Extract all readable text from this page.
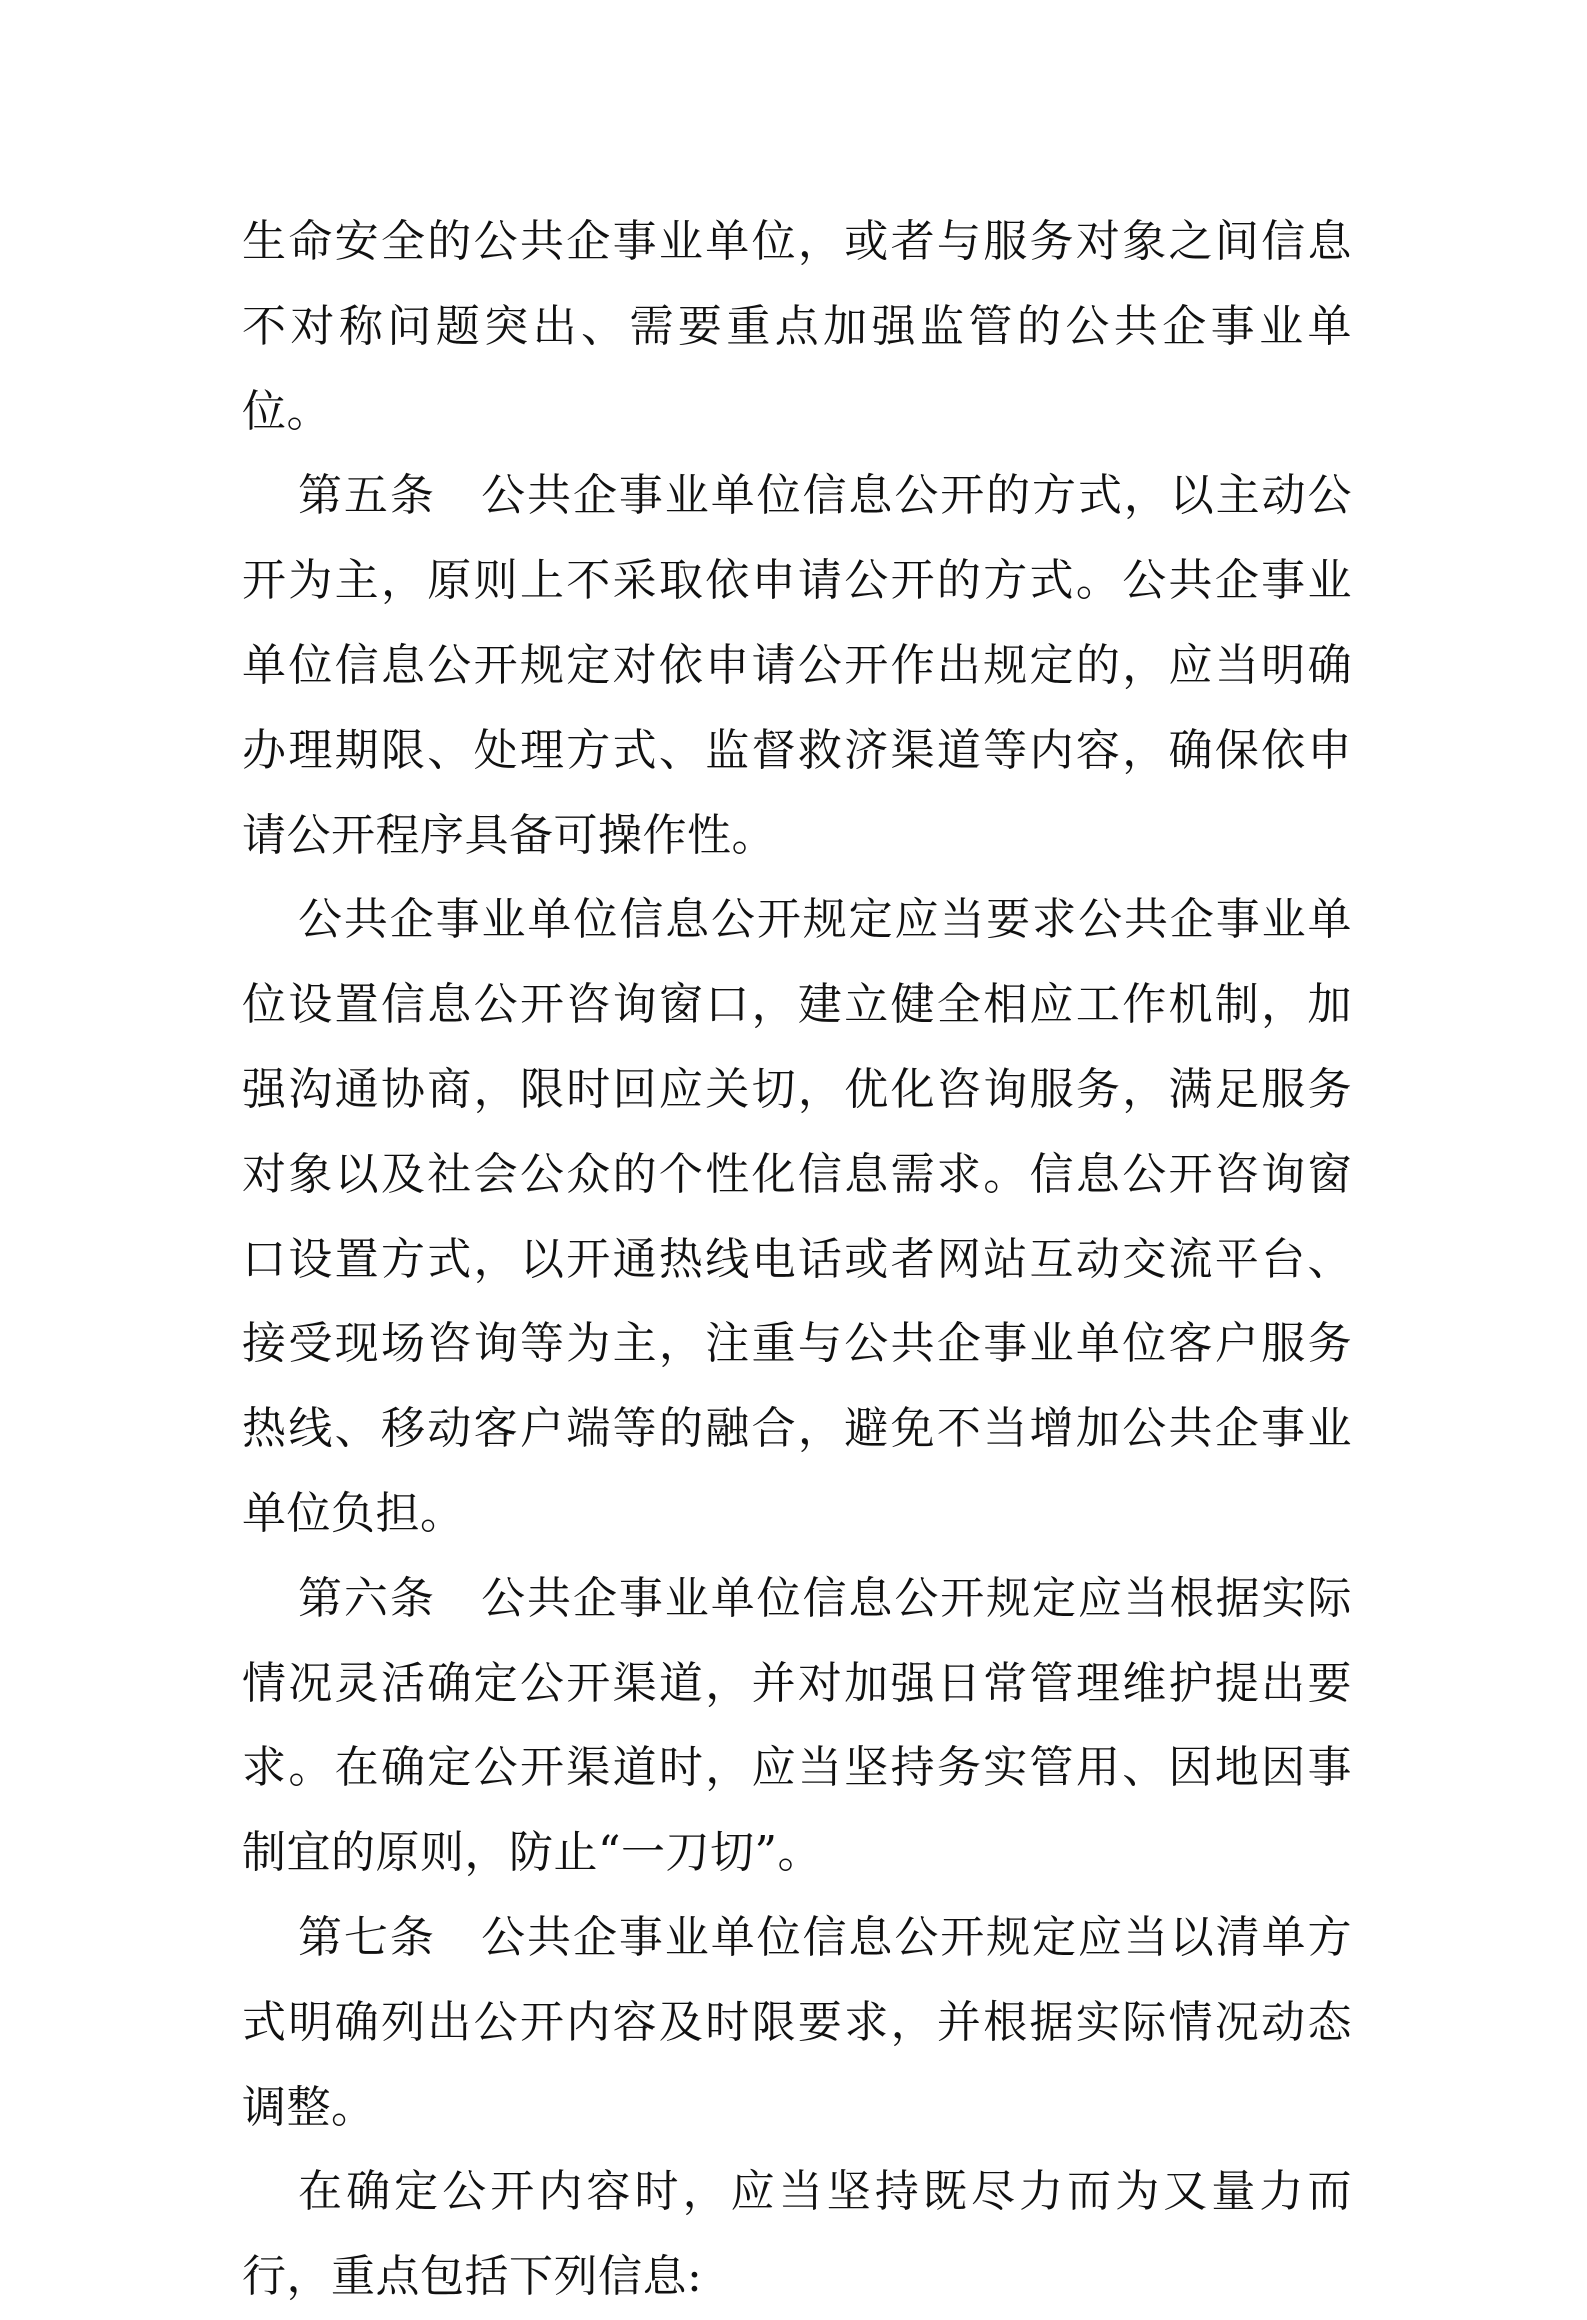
生命安全的公共企事业单位，或者与服务对象之间信息不对称问题突出、需要重点加强监管的公共企事业单位。

第五条 公共企事业单位信息公开的方式，以主动公开为主，原则上不采取依申请公开的方式。公共企事业单位信息公开规定对依申请公开作出规定的，应当明确办理期限、处理方式、监督救济渠道等内容，确保依申请公开程序具备可操作性。

公共企事业单位信息公开规定应当要求公共企事业单位设置信息公开咨询窗口，建立健全相应工作机制，加强沟通协商，限时回应关切，优化咨询服务，满足服务对象以及社会公众的个性化信息需求。信息公开咨询窗口设置方式，以开通热线电话或者网站互动交流平台、接受现场咨询等为主，注重与公共企事业单位客户服务热线、移动客户端等的融合，避免不当增加公共企事业单位负担。

第六条 公共企事业单位信息公开规定应当根据实际情况灵活确定公开渠道，并对加强日常管理维护提出要求。在确定公开渠道时，应当坚持务实管用、因地因事制宜的原则，防止“一刀切”。

第七条 公共企事业单位信息公开规定应当以清单方式明确列出公开内容及时限要求，并根据实际情况动态调整。

在确定公开内容时，应当坚持既尽力而为又量力而行，重点包括下列信息:
